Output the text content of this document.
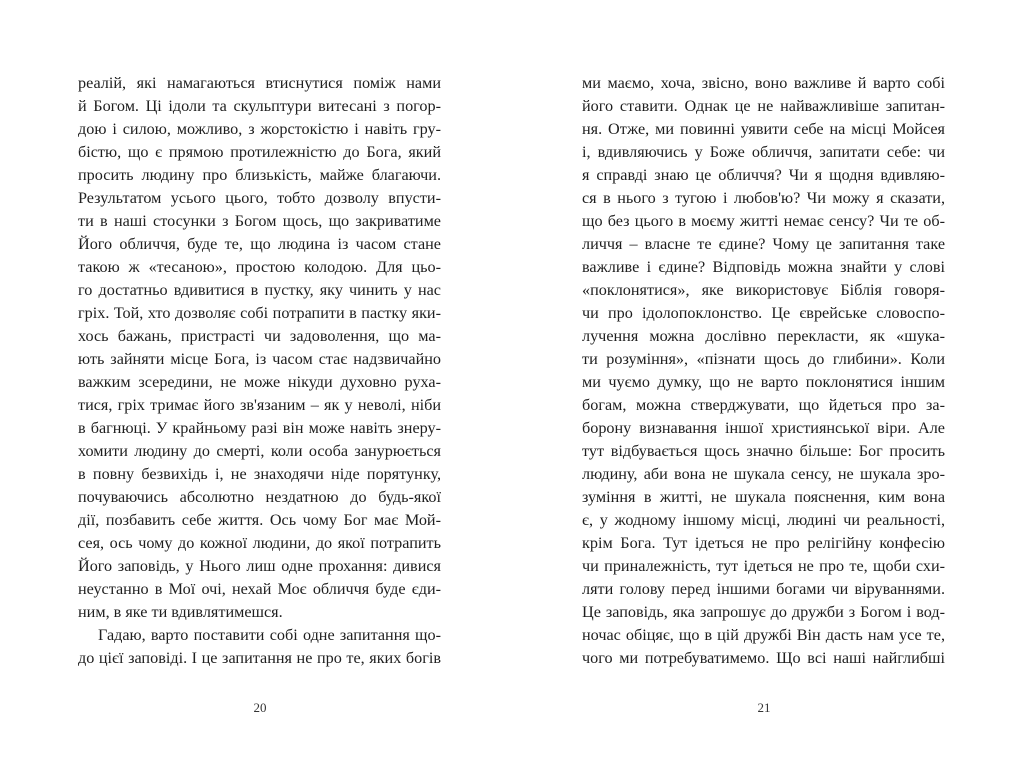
реалій, які намагаються втиснутися поміж нами
й Богом. Ці ідоли та скульптури витесані з погор-
дою і силою, можливо, з жорстокістю і навіть гру-
бістю, що є прямою протилежністю до Бога, який
просить людину про близькість, майже благаючи.
Результатом усього цього, тобто дозволу впусти-
ти в наші стосунки з Богом щось, що закриватиме
Його обличчя, буде те, що людина із часом стане
такою ж «тесаною», простою колодою. Для цьо-
го достатньо вдивитися в пустку, яку чинить у нас
гріх. Той, хто дозволяє собі потрапити в пастку яки-
хось бажань, пристрасті чи задоволення, що ма-
ють зайняти місце Бога, із часом стає надзвичайно
важким зсередини, не може нікуди духовно руха-
тися, гріх тримає його зв'язаним – як у неволі, ніби
в багнюці. У крайньому разі він може навіть знеру-
хомити людину до смерті, коли особа занурюється
в повну безвихідь і, не знаходячи ніде порятунку,
почуваючись абсолютно нездатною до будь-якої
дії, позбавить себе життя. Ось чому Бог має Мой-
сея, ось чому до кожної людини, до якої потрапить
Його заповідь, у Нього лиш одне прохання: дивися
неустанно в Мої очі, нехай Моє обличчя буде єди-
ним, в яке ти вдивлятимешся.
Гадаю, варто поставити собі одне запитання що-
до цієї заповіді. І це запитання не про те, яких богів
20
ми маємо, хоча, звісно, воно важливе й варто собі
його ставити. Однак це не найважливіше запитан-
ня. Отже, ми повинні уявити себе на місці Мойсея
і, вдивляючись у Боже обличчя, запитати себе: чи
я справді знаю це обличчя? Чи я щодня вдивляю-
ся в нього з тугою і любов'ю? Чи можу я сказати,
що без цього в моєму житті немає сенсу? Чи те об-
личчя – власне те єдине? Чому це запитання таке
важливе і єдине? Відповідь можна знайти у слові
«поклонятися», яке використовує Біблія говоря-
чи про ідолопоклонство. Це єврейське словоспо-
лучення можна дослівно перекласти, як «шука-
ти розуміння», «пізнати щось до глибини». Коли
ми чуємо думку, що не варто поклонятися іншим
богам, можна стверджувати, що йдеться про за-
борону визнавання іншої християнської віри. Але
тут відбувається щось значно більше: Бог просить
людину, аби вона не шукала сенсу, не шукала зро-
зуміння в житті, не шукала пояснення, ким вона
є, у жодному іншому місці, людині чи реальності,
крім Бога. Тут ідеться не про релігійну конфесію
чи приналежність, тут ідеться не про те, щоби схи-
ляти голову перед іншими богами чи віруваннями.
Це заповідь, яка запрошує до дружби з Богом і вод-
ночас обіцяє, що в цій дружбі Він дасть нам усе те,
чого ми потребуватимемо. Що всі наші найглибші
21
